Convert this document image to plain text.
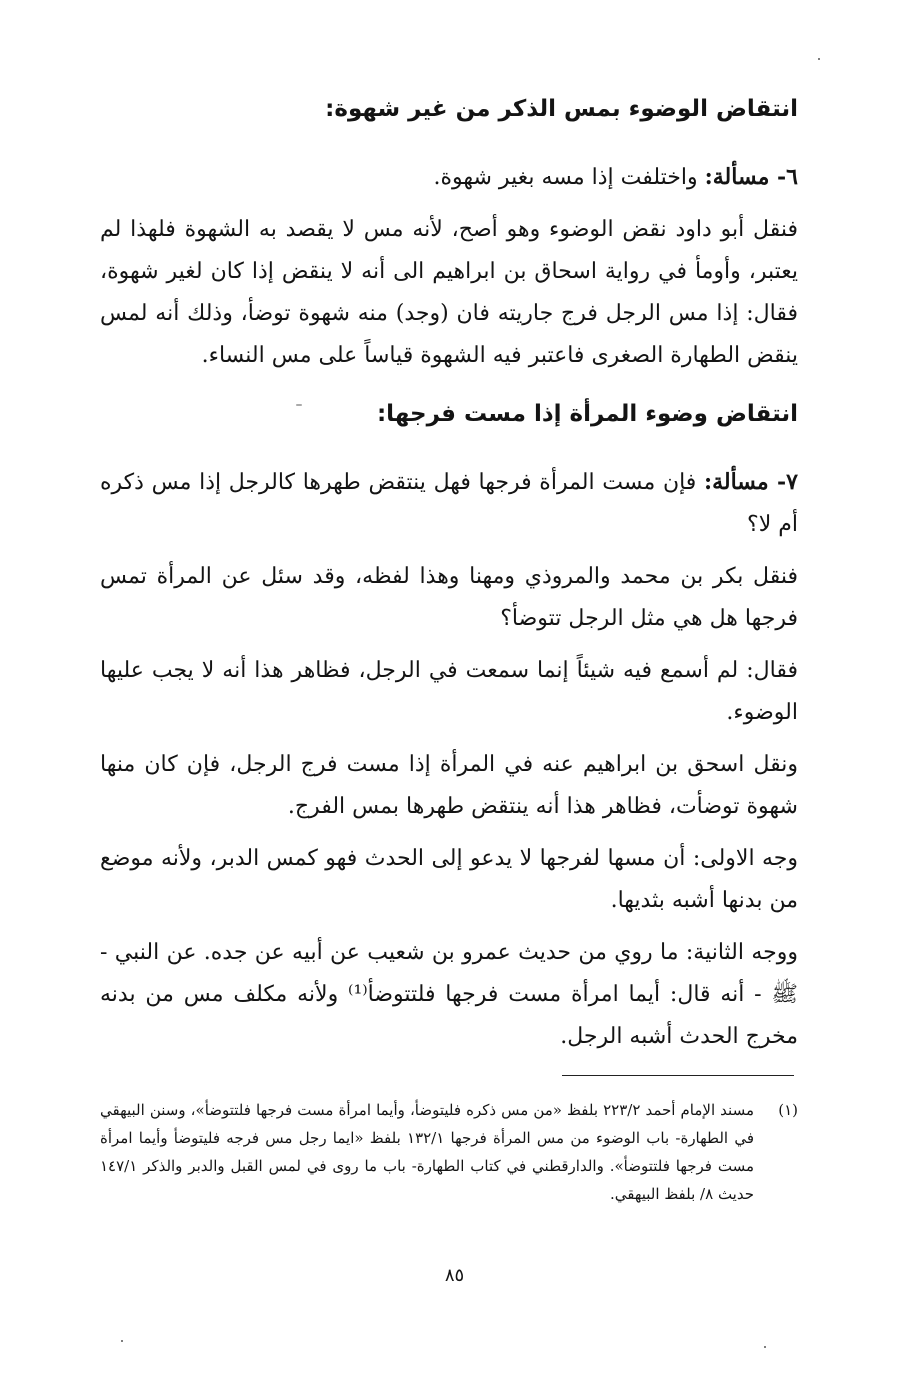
انتقاض الوضوء بمس الذكر من غير شهوة:
٦- مسألة: واختلفت إذا مسه بغير شهوة.
فنقل أبو داود نقض الوضوء وهو أصح، لأنه مس لا يقصد به الشهوة فلهذا لم يعتبر، وأومأ في رواية اسحاق بن ابراهيم الى أنه لا ينقض إذا كان لغير شهوة، فقال: إذا مس الرجل فرج جاريته فان (وجد) منه شهوة توضأ، وذلك أنه لمس ينقض الطهارة الصغرى فاعتبر فيه الشهوة قياساً على مس النساء.
انتقاض وضوء المرأة إذا مست فرجها:
٧- مسألة: فإن مست المرأة فرجها فهل ينتقض طهرها كالرجل إذا مس ذكره أم لا؟
فنقل بكر بن محمد والمروذي ومهنا وهذا لفظه، وقد سئل عن المرأة تمس فرجها هل هي مثل الرجل تتوضأ؟
فقال: لم أسمع فيه شيئاً إنما سمعت في الرجل، فظاهر هذا أنه لا يجب عليها الوضوء.
ونقل اسحق بن ابراهيم عنه في المرأة إذا مست فرج الرجل، فإن كان منها شهوة توضأت، فظاهر هذا أنه ينتقض طهرها بمس الفرج.
وجه الاولى: أن مسها لفرجها لا يدعو إلى الحدث فهو كمس الدبر، ولأنه موضع من بدنها أشبه بثديها.
ووجه الثانية: ما روي من حديث عمرو بن شعيب عن أبيه عن جده. عن النبي - ﷺ - أنه قال: أيما امرأة مست فرجها فلتتوضأ⁽¹⁾ ولأنه مكلف مس من بدنه مخرج الحدث أشبه الرجل.
(١)
مسند الإمام أحمد ٢٢٣/٢ بلفظ «من مس ذكره فليتوضأ، وأيما امرأة مست فرجها فلتتوضأ»، وسنن البيهقي في الطهارة- باب الوضوء من مس المرأة فرجها ١٣٢/١ بلفظ «ايما رجل مس فرجه فليتوضأ وأيما امرأة مست فرجها فلتتوضأ». والدارقطني في كتاب الطهارة- باب ما روى في لمس القبل والدبر والذكر ١٤٧/١ حديث ٨/ بلفظ البيهقي.
٨٥
